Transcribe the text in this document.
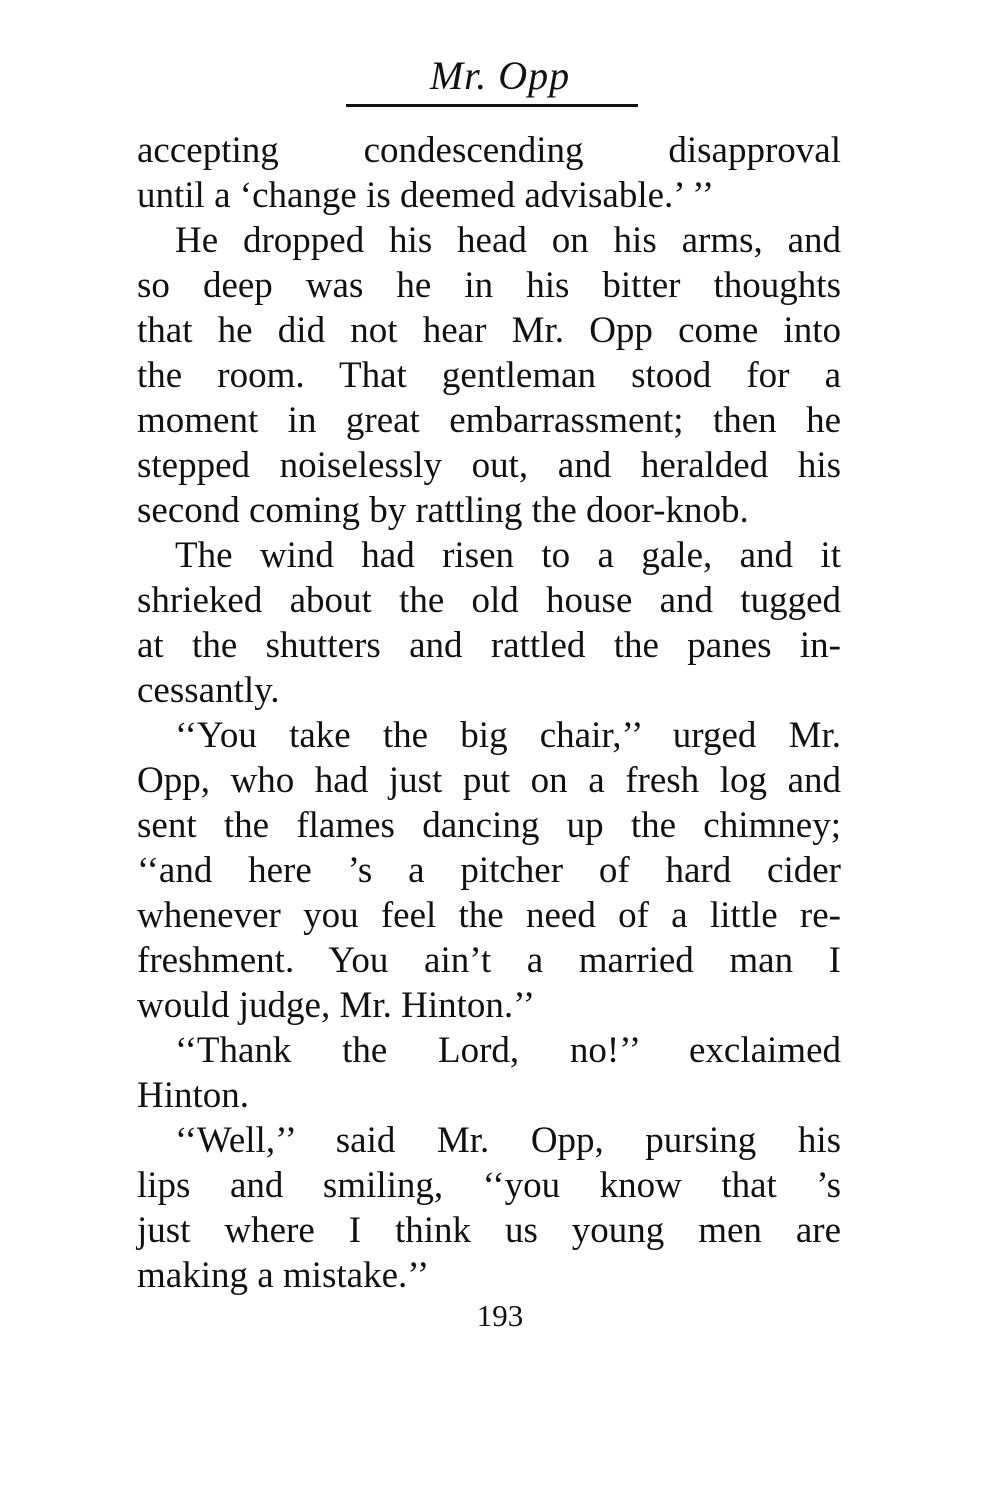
Mr. Opp
accepting condescending disapproval
until a ‘change is deemed advisable.’ ’’
He dropped his head on his arms, and
so deep was he in his bitter thoughts
that he did not hear Mr. Opp come into
the room. That gentleman stood for a
moment in great embarrassment; then he
stepped noiselessly out, and heralded his
second coming by rattling the door-knob.
The wind had risen to a gale, and it
shrieked about the old house and tugged
at the shutters and rattled the panes in-
cessantly.
‘‘You take the big chair,’’ urged Mr.
Opp, who had just put on a fresh log and
sent the flames dancing up the chimney;
‘‘and here ’s a pitcher of hard cider
whenever you feel the need of a little re-
freshment. You ain’t a married man I
would judge, Mr. Hinton.’’
‘‘Thank the Lord, no!’’ exclaimed
Hinton.
‘‘Well,’’ said Mr. Opp, pursing his
lips and smiling, ‘‘you know that ’s
just where I think us young men are
making a mistake.’’
193
